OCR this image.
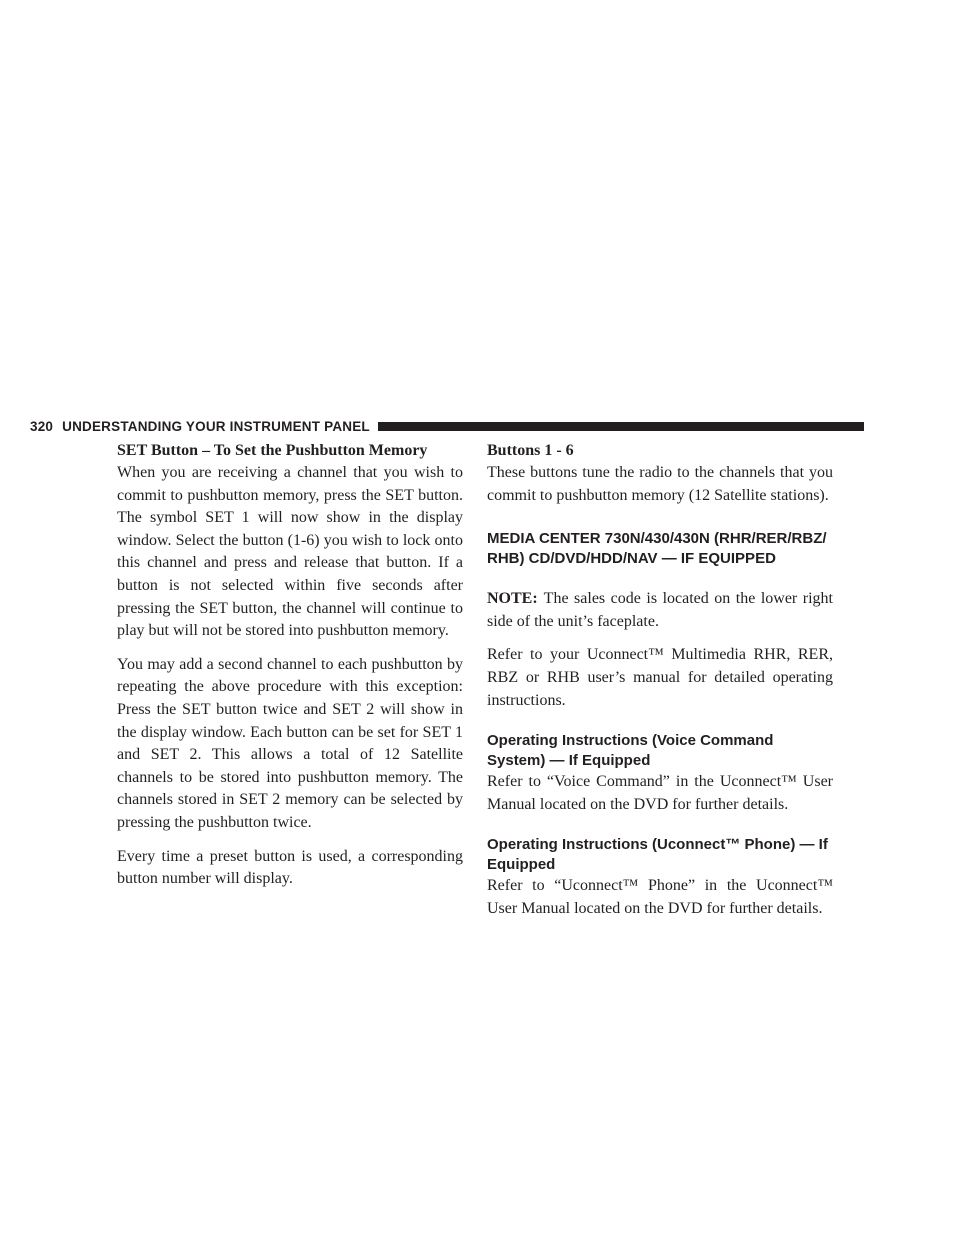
320 UNDERSTANDING YOUR INSTRUMENT PANEL
SET Button – To Set the Pushbutton Memory

When you are receiving a channel that you wish to commit to pushbutton memory, press the SET button. The symbol SET 1 will now show in the display window. Select the button (1-6) you wish to lock onto this channel and press and release that button. If a button is not selected within five seconds after pressing the SET button, the channel will continue to play but will not be stored into pushbutton memory.

You may add a second channel to each pushbutton by repeating the above procedure with this exception: Press the SET button twice and SET 2 will show in the display window. Each button can be set for SET 1 and SET 2. This allows a total of 12 Satellite channels to be stored into pushbutton memory. The channels stored in SET 2 memory can be selected by pressing the pushbutton twice.

Every time a preset button is used, a corresponding button number will display.

Buttons 1 - 6

These buttons tune the radio to the channels that you commit to pushbutton memory (12 Satellite stations).

MEDIA CENTER 730N/430/430N (RHR/RER/RBZ/ RHB) CD/DVD/HDD/NAV — IF EQUIPPED

NOTE: The sales code is located on the lower right side of the unit’s faceplate.

Refer to your Uconnect™ Multimedia RHR, RER, RBZ or RHB user’s manual for detailed operating instructions.

Operating Instructions (Voice Command System) — If Equipped

Refer to “Voice Command” in the Uconnect™ User Manual located on the DVD for further details.

Operating Instructions (Uconnect™ Phone) — If Equipped

Refer to “Uconnect™ Phone” in the Uconnect™ User Manual located on the DVD for further details.
